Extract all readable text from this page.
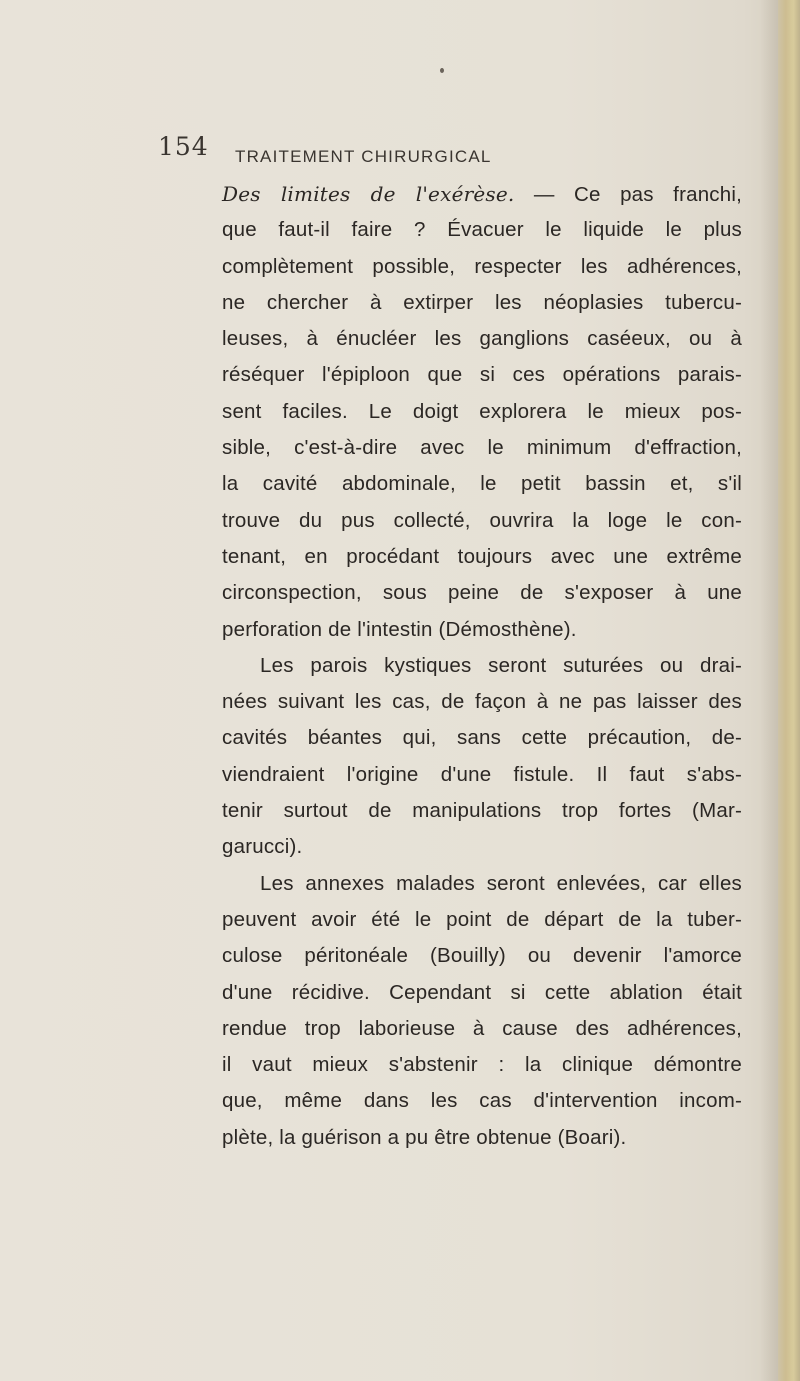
154 TRAITEMENT CHIRURGICAL
Des limites de l'exérèse. — Ce pas franchi,
que faut-il faire ? Évacuer le liquide le plus
complètement possible, respecter les adhérences,
ne chercher à extirper les néoplasies tubercu-
leuses, à énucléer les ganglions caséeux, ou à
réséquer l'épiploon que si ces opérations parais-
sent faciles. Le doigt explorera le mieux pos-
sible, c'est-à-dire avec le minimum d'effraction,
la cavité abdominale, le petit bassin et, s'il
trouve du pus collecté, ouvrira la loge le con-
tenant, en procédant toujours avec une extrême
circonspection, sous peine de s'exposer à une
perforation de l'intestin (Démosthène).
Les parois kystiques seront suturées ou drai-
nées suivant les cas, de façon à ne pas laisser des
cavités béantes qui, sans cette précaution, de-
viendraient l'origine d'une fistule. Il faut s'abs-
tenir surtout de manipulations trop fortes (Mar-
garucci).
Les annexes malades seront enlevées, car elles
peuvent avoir été le point de départ de la tuber-
culose péritonéale (Bouilly) ou devenir l'amorce
d'une récidive. Cependant si cette ablation était
rendue trop laborieuse à cause des adhérences,
il vaut mieux s'abstenir : la clinique démontre
que, même dans les cas d'intervention incom-
plète, la guérison a pu être obtenue (Boari).
